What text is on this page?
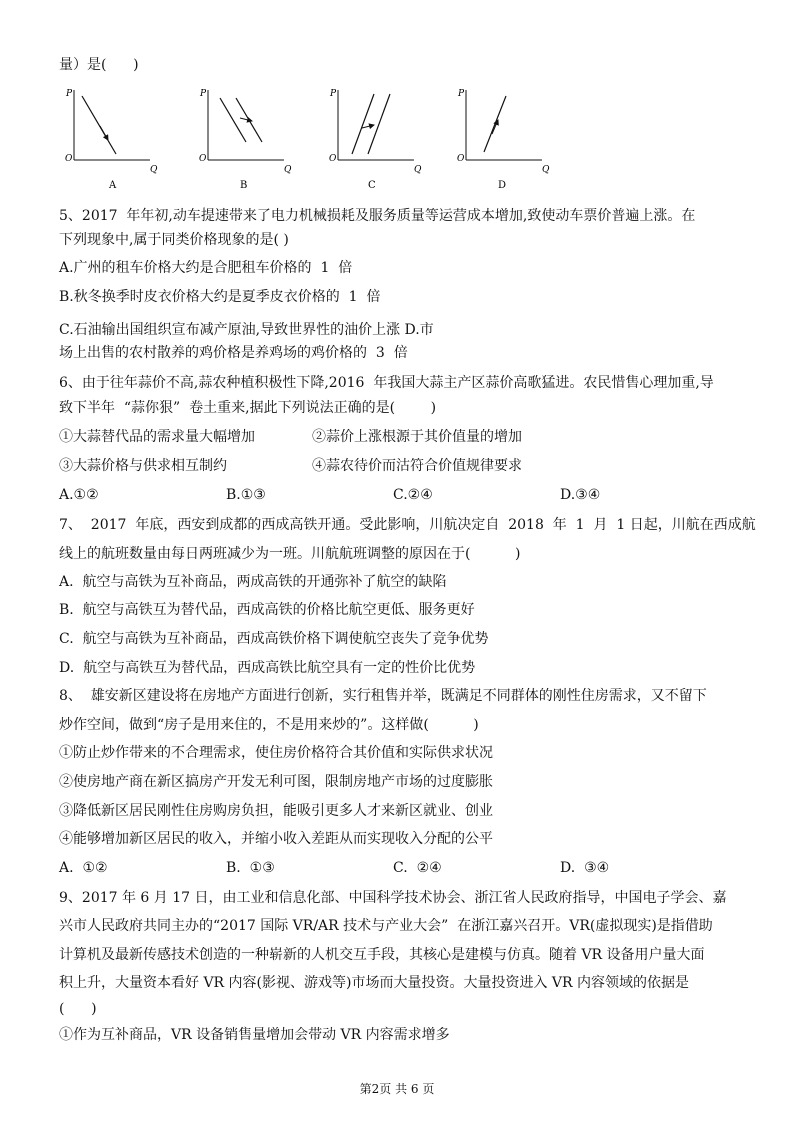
量）是(      )
P
O
Q
A
P
O
Q
B
P
O
Q
C
P
O
Q
D
5、2017  年年初,动车提速带来了电力机械损耗及服务质量等运营成本增加,致使动车票价普遍上涨。在
下列现象中,属于同类价格现象的是( )
A.广州的租车价格大约是合肥租车价格的  1  倍
B.秋冬换季时皮衣价格大约是夏季皮衣价格的  1  倍
C.石油输出国组织宣布减产原油,导致世界性的油价上涨 D.市
场上出售的农村散养的鸡价格是养鸡场的鸡价格的  3  倍
6、由于往年蒜价不高,蒜农种植积极性下降,2016  年我国大蒜主产区蒜价高歌猛进。农民惜售心理加重,导
致下半年  “蒜你狠”  卷土重来,据此下列说法正确的是(        )
①大蒜替代品的需求量大幅增加	②蒜价上涨根源于其价值量的增加
③大蒜价格与供求相互制约	④蒜农待价而沽符合价值规律要求
A.①②	B.①③	C.②④	D.③④
7、  2017  年底，西安到成都的西成高铁开通。受此影响，川航决定自  2018  年  1  月  1 日起，川航在西成航
线上的航班数量由每日两班减少为一班。川航航班调整的原因在于(          )
A.  航空与高铁为互补商品，两成高铁的开通弥补了航空的缺陷
B.  航空与高铁互为替代品，西成高铁的价格比航空更低、服务更好
C.  航空与高铁为互补商品，西成高铁价格下调使航空丧失了竞争优势
D.  航空与高铁互为替代品，西成高铁比航空具有一定的性价比优势
8、  雄安新区建设将在房地产方面进行创新，实行租售并举，既满足不同群体的刚性住房需求，又不留下
炒作空间，做到“房子是用来住的，不是用来炒的”。这样做(          )
①防止炒作带来的不合理需求，使住房价格符合其价值和实际供求状况
②使房地产商在新区搞房产开发无利可图，限制房地产市场的过度膨胀
③降低新区居民刚性住房购房负担，能吸引更多人才来新区就业、创业
④能够增加新区居民的收入，并缩小收入差距从而实现收入分配的公平
A.  ①②	B.  ①③	C.  ②④	D.  ③④
9、2017 年 6 月 17 日，由工业和信息化部、中国科学技术协会、浙江省人民政府指导，中国电子学会、嘉
兴市人民政府共同主办的“2017 国际 VR/AR 技术与产业大会”  在浙江嘉兴召开。VR(虚拟现实)是指借助
计算机及最新传感技术创造的一种崭新的人机交互手段，其核心是建模与仿真。随着 VR 设备用户量大面
积上升，大量资本看好 VR 内容(影视、游戏等)市场而大量投资。大量投资进入 VR 内容领域的依据是
(      )
①作为互补商品，VR 设备销售量增加会带动 VR 内容需求增多
第2页 共 6 页
